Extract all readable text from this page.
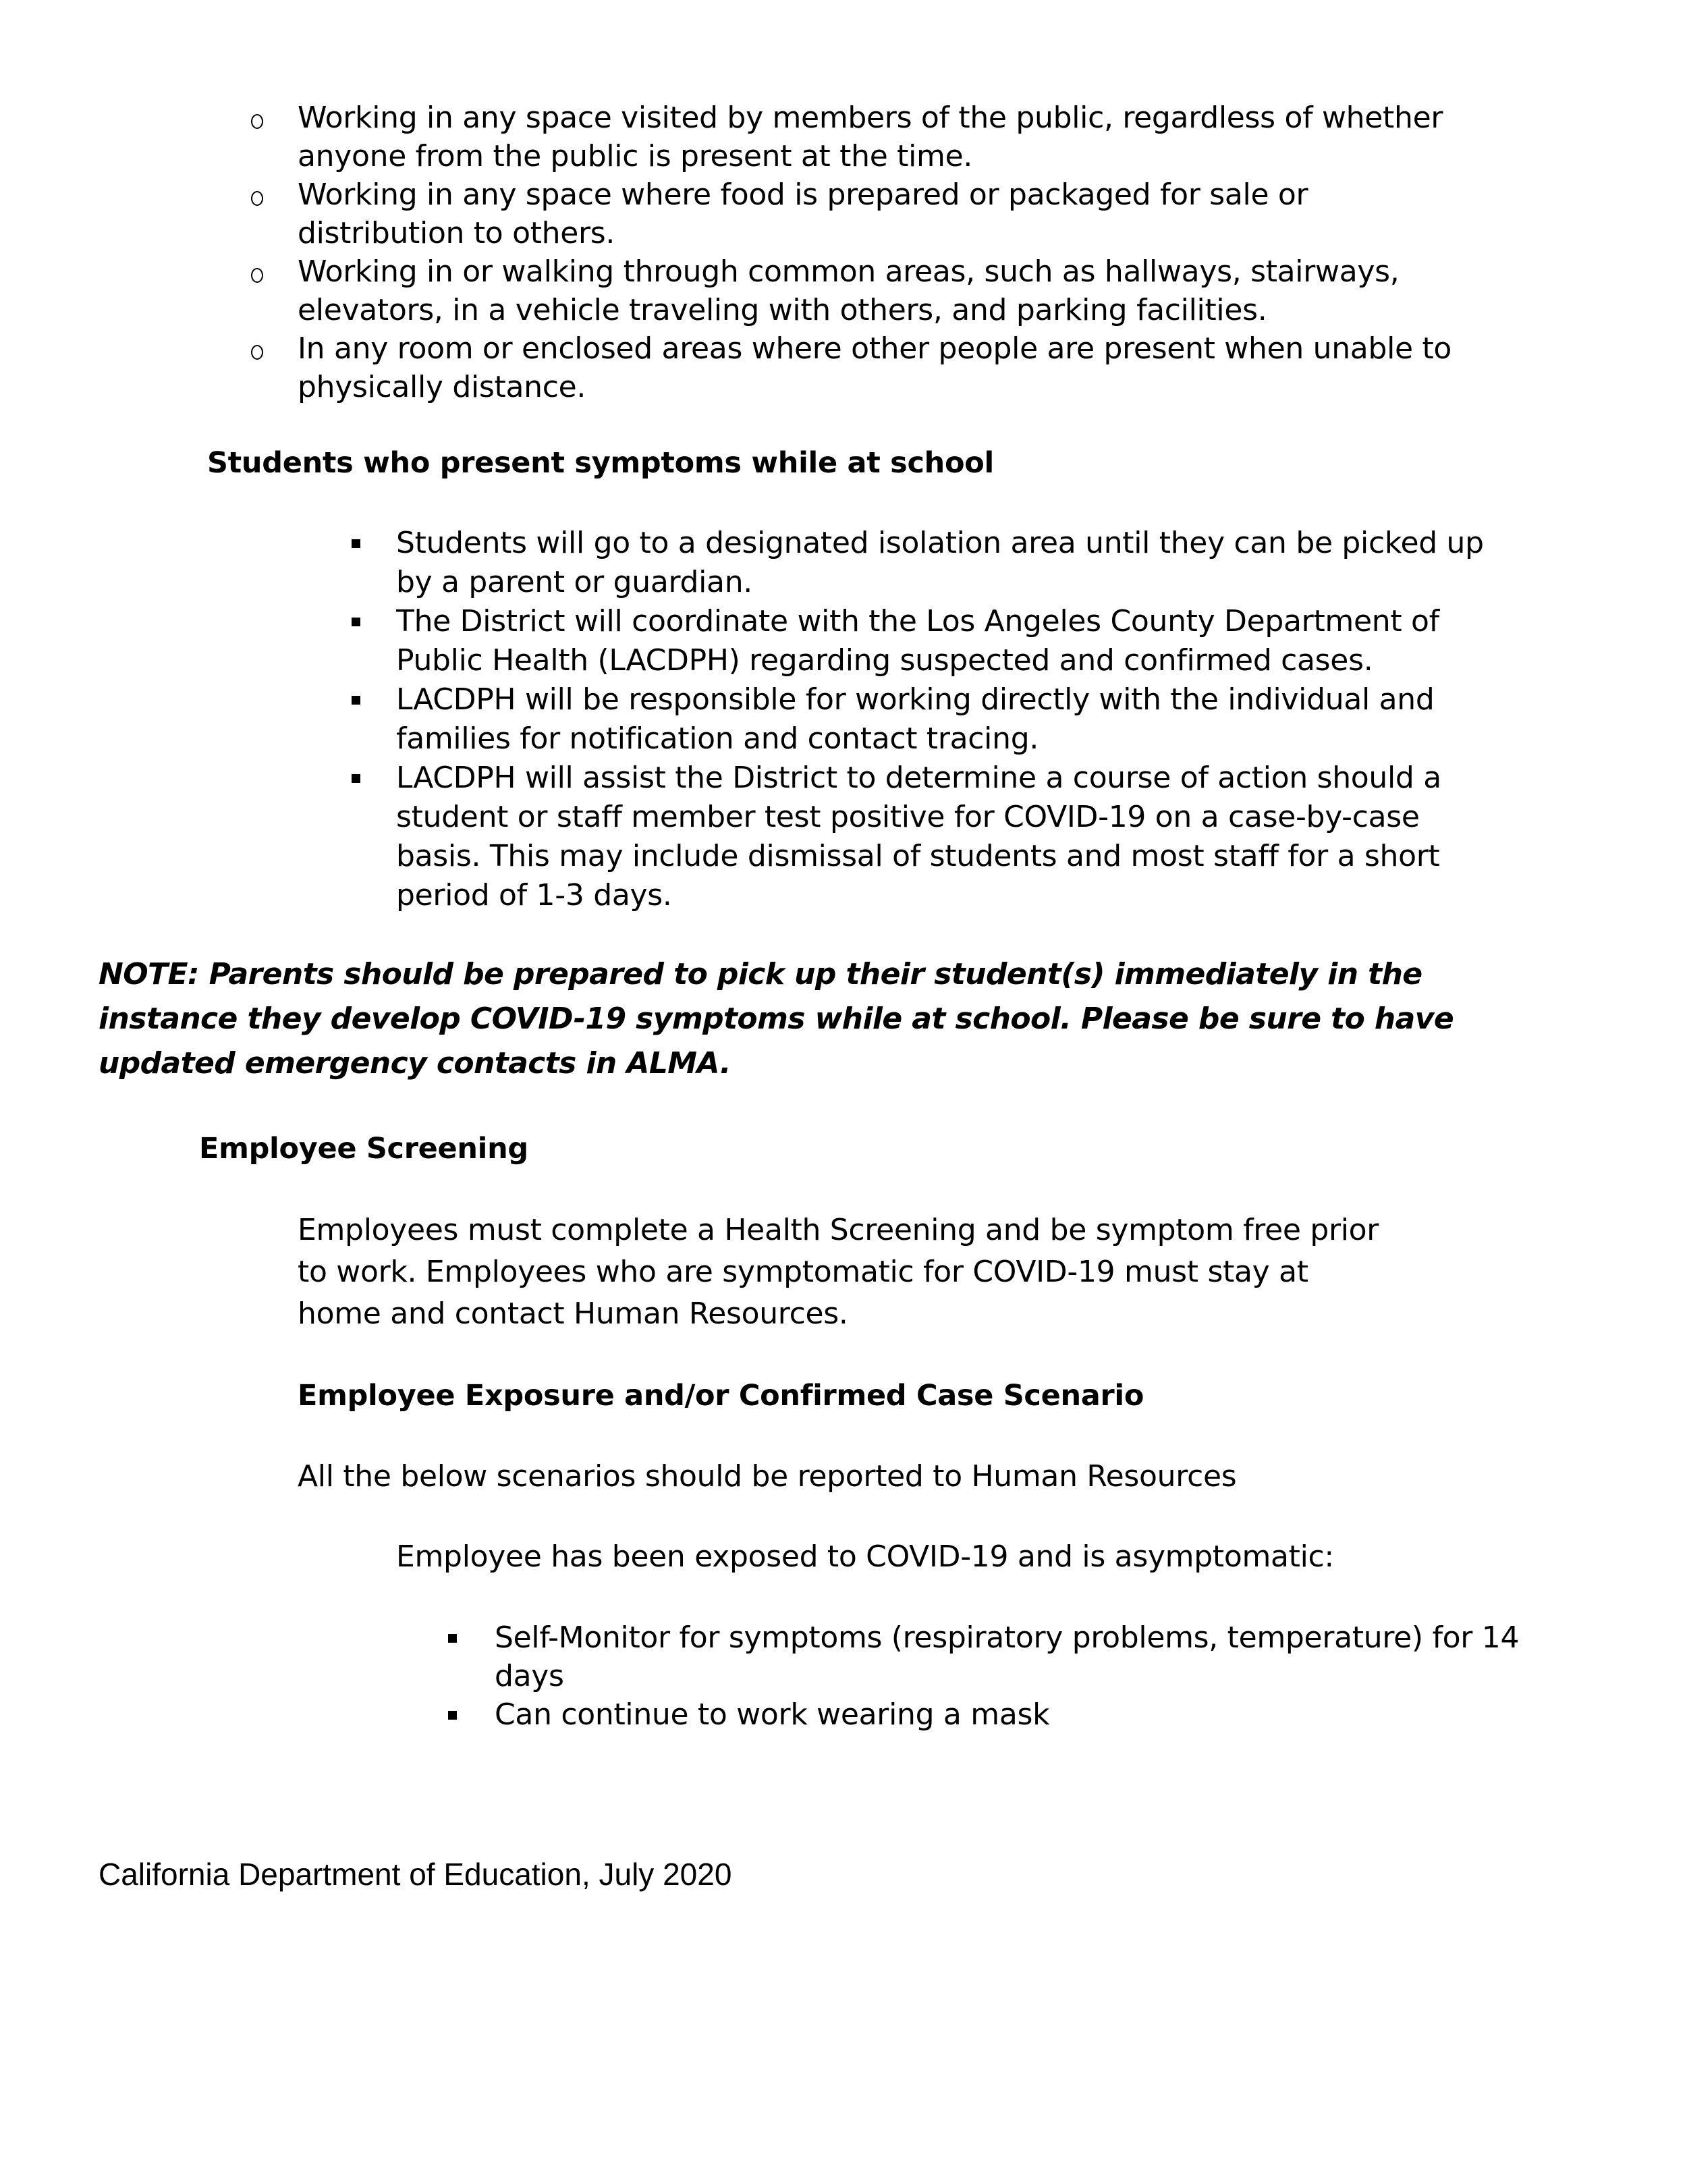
Working in any space visited by members of the public, regardless of whether
anyone from the public is present at the time.
Working in any space where food is prepared or packaged for sale or
distribution to others.
Working in or walking through common areas, such as hallways, stairways,
elevators, in a vehicle traveling with others, and parking facilities.
In any room or enclosed areas where other people are present when unable to
physically distance.
Students who present symptoms while at school
Students will go to a designated isolation area until they can be picked up
by a parent or guardian.
The District will coordinate with the Los Angeles County Department of
Public Health (LACDPH) regarding suspected and confirmed cases.
LACDPH will be responsible for working directly with the individual and
families for notification and contact tracing.
LACDPH will assist the District to determine a course of action should a
student or staff member test positive for COVID-19 on a case-by-case
basis. This may include dismissal of students and most staff for a short
period of 1-3 days.
NOTE: Parents should be prepared to pick up their student(s) immediately in the
instance they develop COVID-19 symptoms while at school. Please be sure to have
updated emergency contacts in ALMA.
Employee Screening
Employees must complete a Health Screening and be symptom free prior
to work. Employees who are symptomatic for COVID-19 must stay at
home and contact Human Resources.
Employee Exposure and/or Confirmed Case Scenario
All the below scenarios should be reported to Human Resources
Employee has been exposed to COVID-19 and is asymptomatic:
Self-Monitor for symptoms (respiratory problems, temperature) for 14
days
Can continue to work wearing a mask
California Department of Education, July 2020
